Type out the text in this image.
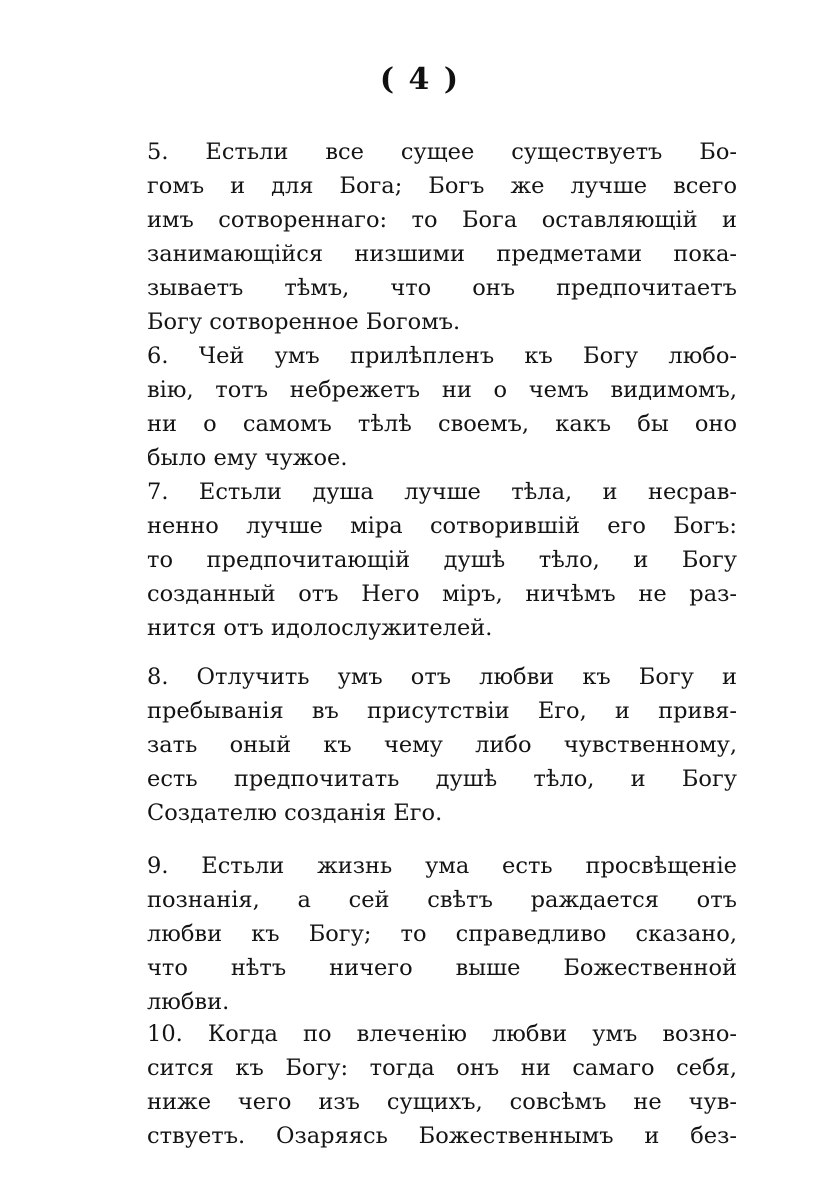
( 4 )
5. Естьли все сущее существуетъ Бо-
гомъ и для Бога; Богъ же лучше всего
имъ сотвореннаго: то Бога оставляющій и
занимающійся низшими предметами пока-
зываетъ тѣмъ, что онъ предпочитаетъ
Богу сотворенное Богомъ.
6. Чей умъ прилѣпленъ къ Богу любо-
вію, тотъ небрежетъ ни о чемъ видимомъ,
ни о самомъ тѣлѣ своемъ, какъ бы оно
было ему чужое.
7. Естьли душа лучше тѣла, и несрав-
ненно лучше міра сотворившій его Богъ:
то предпочитающій душѣ тѣло, и Богу
созданный отъ Него міръ, ничѣмъ не раз-
нится отъ идолослужителей.
8. Отлучить умъ отъ любви къ Богу и
пребыванія въ присутствіи Его, и привя-
зать оный къ чему либо чувственному,
есть предпочитать душѣ тѣло, и Богу
Создателю созданія Его.
9. Естьли жизнь ума есть просвѣщеніе
познанія, а сей свѣтъ раждается отъ
любви къ Богу; то справедливо сказано,
что нѣтъ ничего выше Божественной
любви.
10. Когда по влеченію любви умъ возно-
сится къ Богу: тогда онъ ни самаго себя,
ниже чего изъ сущихъ, совсѣмъ не чув-
ствуетъ. Озаряясь Божественнымъ и без-
